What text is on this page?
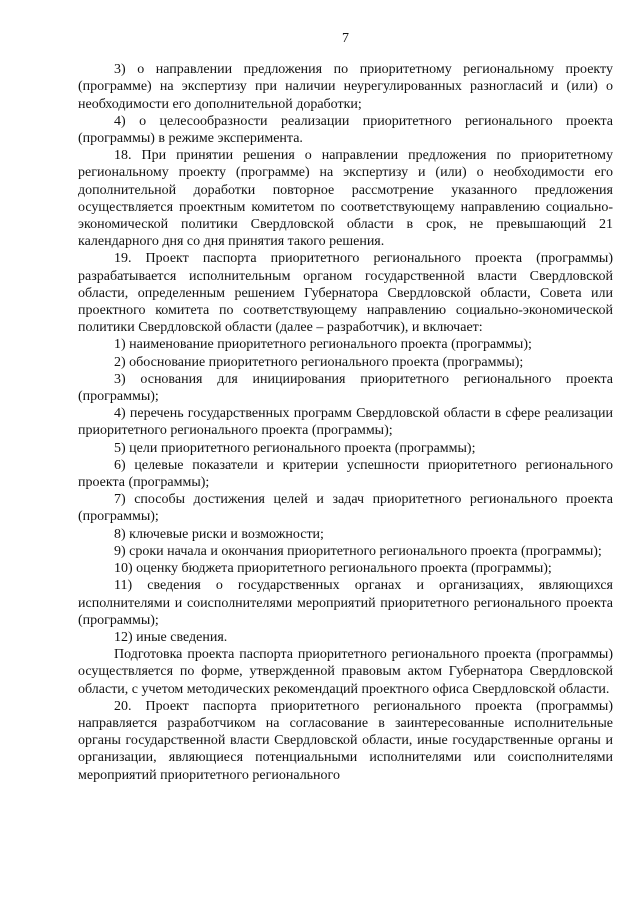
7

3) о направлении предложения по приоритетному региональному проекту (программе) на экспертизу при наличии неурегулированных разногласий и (или) о необходимости его дополнительной доработки;

4) о целесообразности реализации приоритетного регионального проекта (программы) в режиме эксперимента.

18. При принятии решения о направлении предложения по приоритетному региональному проекту (программе) на экспертизу и (или) о необходимости его дополнительной доработки повторное рассмотрение указанного предложения осуществляется проектным комитетом по соответствующему направлению социально-экономической политики Свердловской области в срок, не превышающий 21 календарного дня со дня принятия такого решения.

19. Проект паспорта приоритетного регионального проекта (программы) разрабатывается исполнительным органом государственной власти Свердловской области, определенным решением Губернатора Свердловской области, Совета или проектного комитета по соответствующему направлению социально-экономической политики Свердловской области (далее – разработчик), и включает:

1) наименование приоритетного регионального проекта (программы);

2) обоснование приоритетного регионального проекта (программы);

3) основания для инициирования приоритетного регионального проекта (программы);

4) перечень государственных программ Свердловской области в сфере реализации приоритетного регионального проекта (программы);

5) цели приоритетного регионального проекта (программы);

6) целевые показатели и критерии успешности приоритетного регионального проекта (программы);

7) способы достижения целей и задач приоритетного регионального проекта (программы);

8) ключевые риски и возможности;

9) сроки начала и окончания приоритетного регионального проекта (программы);

10) оценку бюджета приоритетного регионального проекта (программы);

11) сведения о государственных органах и организациях, являющихся исполнителями и соисполнителями мероприятий приоритетного регионального проекта (программы);

12) иные сведения.

Подготовка проекта паспорта приоритетного регионального проекта (программы) осуществляется по форме, утвержденной правовым актом Губернатора Свердловской области, с учетом методических рекомендаций проектного офиса Свердловской области.

20. Проект паспорта приоритетного регионального проекта (программы) направляется разработчиком на согласование в заинтересованные исполнительные органы государственной власти Свердловской области, иные государственные органы и организации, являющиеся потенциальными исполнителями или соисполнителями мероприятий приоритетного регионального
